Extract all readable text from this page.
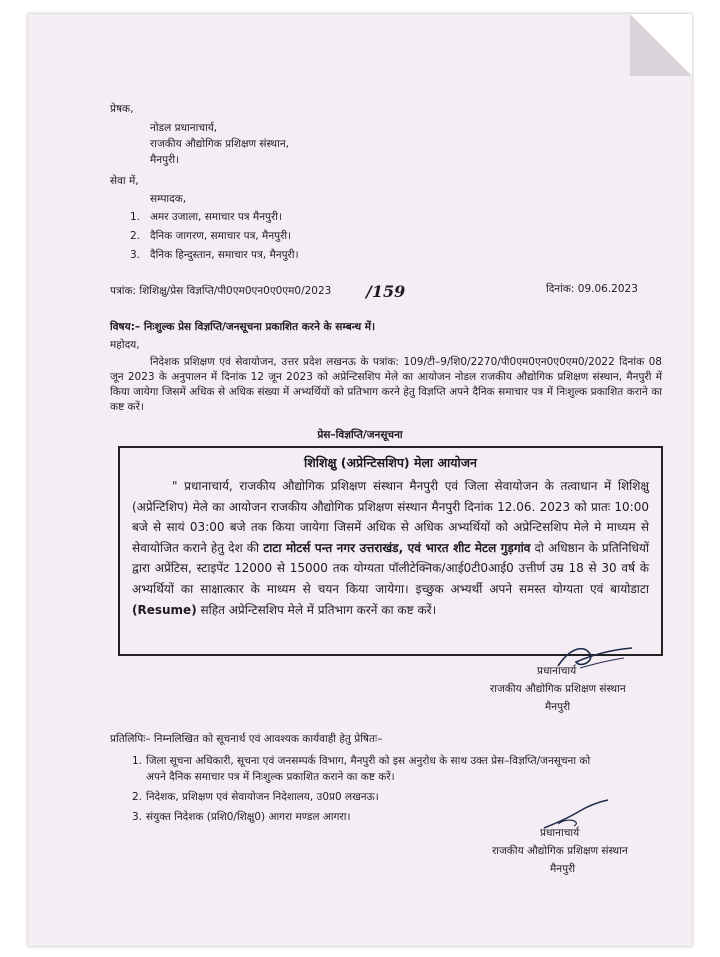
प्रेषक,
नोडल प्रधानाचार्य,
राजकीय औद्योगिक प्रशिक्षण संस्थान,
मैनपुरी।
सेवा में,
सम्पादक,
1. अमर उजाला, समाचार पत्र मैनपुरी।
2. दैनिक जागरण, समाचार पत्र, मैनपुरी।
3. दैनिक हिन्दुस्तान, समाचार पत्र, मैनपुरी।
पत्रांक: शिशिक्षु/प्रेस विज्ञप्ति/पी0एम0एन0ए0एम0/2023 /159	दिनांक: 09.06.2023
विषय:– निःशुल्क प्रेस विज्ञप्ति/जनसूचना प्रकाशित करने के सम्बन्ध में।
महोदय,
निदेशक प्रशिक्षण एवं सेवायोजन, उत्तर प्रदेश लखनऊ के पत्रांक: 109/टी–9/शि0/2270/पी0एम0एन0ए0एम0/2022 दिनांक 08 जून 2023 के अनुपालन में दिनांक 12 जून 2023 को अप्रेन्टिसशिप मेले का आयोजन नोडल राजकीय औद्योगिक प्रशिक्षण संस्थान, मैनपुरी में किया जायेगा जिसमें अधिक से अधिक संख्या में अभ्यर्थियों को प्रतिभाग करने हेतु विज्ञप्ति अपने दैनिक समाचार पत्र में निःशुल्क प्रकाशित कराने का कष्ट करें।
प्रेस–विज्ञप्ति/जनसूचना
शिशिक्षु (अप्रेन्टिसशिप) मेला आयोजन
" प्रधानाचार्य, राजकीय औद्योगिक प्रशिक्षण संस्थान मैनपुरी एवं जिला सेवायोजन के तत्वाधान में शिशिक्षु (अप्रेन्टिशिप) मेले का आयोजन राजकीय औद्योगिक प्रशिक्षण संस्थान मैनपुरी दिनांक 12.06. 2023 को प्रातः 10:00 बजे से सायं 03:00 बजे तक किया जायेगा जिसमें अधिक से अधिक अभ्यर्थियों को अप्रेन्टिसशिप मेले मे माध्यम से सेवायोजित कराने हेतु देश की टाटा मोटर्स पन्त नगर उत्तराखंड, एवं भारत शीट मेटल गुड़गांव दो अधिष्ठान के प्रतिनिधियों द्वारा अप्रेंटिस, स्टाइपेंट 12000 से 15000 तक योग्यता पॉलीटेक्निक/आई0टी0आई0 उत्तीर्ण उम्र 18 से 30 वर्ष के अभ्यर्थियों का साक्षात्कार के माध्यम से चयन किया जायेगा। इच्छुक अभ्यर्थी अपने समस्त योग्यता एवं बायोडाटा (Resume) सहित अप्रेन्टिसशिप मेले में प्रतिभाग करनें का कष्ट करें।
प्रधानाचार्य
राजकीय औद्योगिक प्रशिक्षण संस्थान
मैनपुरी
प्रतिलिपिः– निम्नलिखित को सूचनार्थ एवं आवश्यक कार्यवाही हेतु प्रेषितः–
1. जिला सूचना अधिकारी, सूचना एवं जनसम्पर्क विभाग, मैनपुरी को इस अनुरोध के साथ उक्त प्रेस–विज्ञप्ति/जनसूचना को
अपने दैनिक समाचार पत्र में निःशुल्क प्रकाशित कराने का कष्ट करें।
2. निदेशक, प्रशिक्षण एवं सेवायोजन निदेशालय, उ0प्र0 लखनऊ।
3. संयुक्त निदेशक (प्रशि0/शिक्षु0) आगरा मण्डल आगरा।
प्रधानाचार्य
राजकीय औद्योगिक प्रशिक्षण संस्थान
मैनपुरी
